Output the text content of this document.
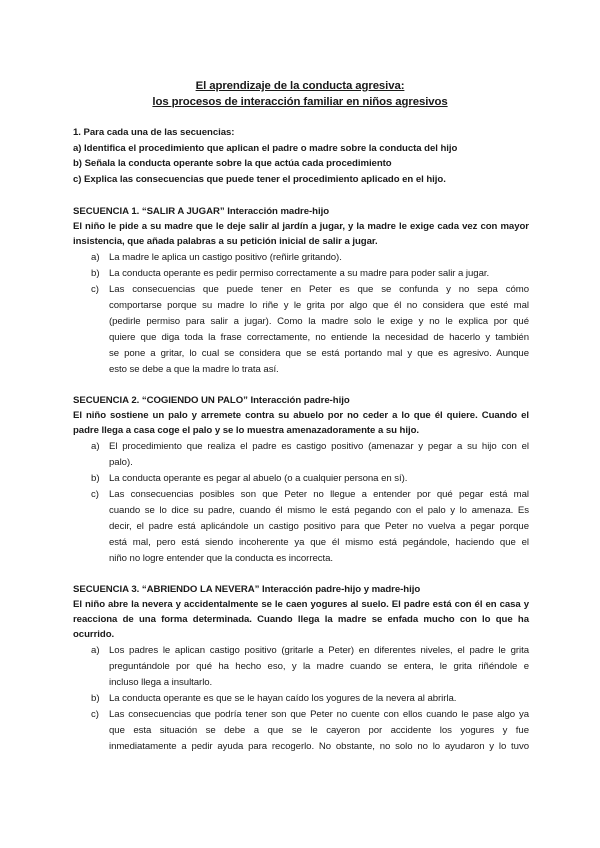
El aprendizaje de la conducta agresiva:
los procesos de interacción familiar en niños agresivos
1. Para cada una de las secuencias:
a) Identifica el procedimiento que aplican el padre o madre sobre la conducta del hijo
b) Señala la conducta operante sobre la que actúa cada procedimiento
c) Explica las consecuencias que puede tener el procedimiento aplicado en el hijo.
SECUENCIA 1. “SALIR A JUGAR” Interacción madre-hijo
El niño le pide a su madre que le deje salir al jardín a jugar, y la madre le exige cada vez con mayor
insistencia, que añada palabras a su petición inicial de salir a jugar.
a) La madre le aplica un castigo positivo (reñirle gritando).
b) La conducta operante es pedir permiso correctamente a su madre para poder salir a jugar.
c) Las consecuencias que puede tener en Peter es que se confunda y no sepa cómo
comportarse porque su madre lo riñe y le grita por algo que él no considera que esté mal
(pedirle permiso para salir a jugar). Como la madre solo le exige y no le explica por qué
quiere que diga toda la frase correctamente, no entiende la necesidad de hacerlo y también
se pone a gritar, lo cual se considera que se está portando mal y que es agresivo. Aunque
esto se debe a que la madre lo trata así.
SECUENCIA 2. “COGIENDO UN PALO” Interacción padre-hijo
El niño sostiene un palo y arremete contra su abuelo por no ceder a lo que él quiere. Cuando el
padre llega a casa coge el palo y se lo muestra amenazadoramente a su hijo.
a) El procedimiento que realiza el padre es castigo positivo (amenazar y pegar a su hijo con el
palo).
b) La conducta operante es pegar al abuelo (o a cualquier persona en sí).
c) Las consecuencias posibles son que Peter no llegue a entender por qué pegar está mal
cuando se lo dice su padre, cuando él mismo le está pegando con el palo y lo amenaza. Es
decir, el padre está aplicándole un castigo positivo para que Peter no vuelva a pegar porque
está mal, pero está siendo incoherente ya que él mismo está pegándole, haciendo que el
niño no logre entender que la conducta es incorrecta.
SECUENCIA 3. “ABRIENDO LA NEVERA” Interacción padre-hijo y madre-hijo
El niño abre la nevera y accidentalmente se le caen yogures al suelo. El padre está con él en casa y
reacciona de una forma determinada. Cuando llega la madre se enfada mucho con lo que ha
ocurrido.
a) Los padres le aplican castigo positivo (gritarle a Peter) en diferentes niveles, el padre le grita
preguntándole por qué ha hecho eso, y la madre cuando se entera, le grita riñéndole e
incluso llega a insultarlo.
b) La conducta operante es que se le hayan caído los yogures de la nevera al abrirla.
c) Las consecuencias que podría tener son que Peter no cuente con ellos cuando le pase algo ya
que esta situación se debe a que se le cayeron por accidente los yogures y fue
inmediatamente a pedir ayuda para recogerlo. No obstante, no solo no lo ayudaron y lo tuvo
